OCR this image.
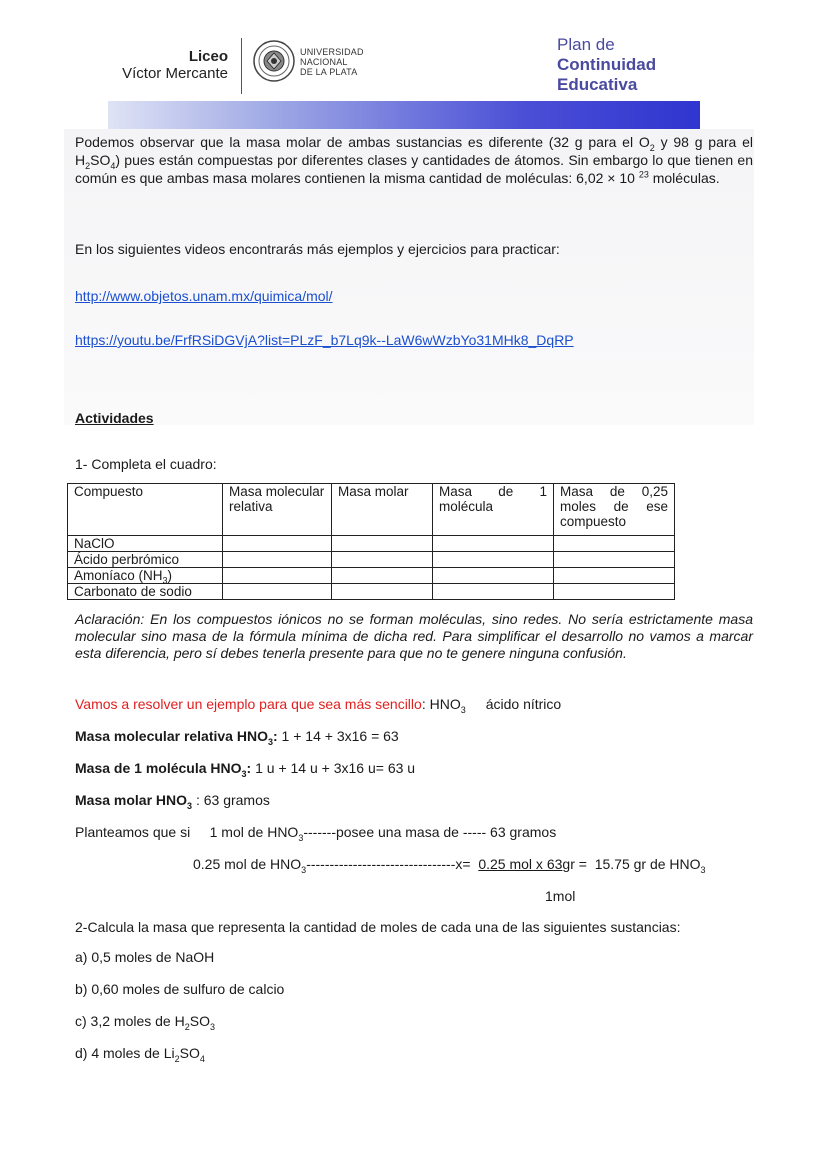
Liceo
Víctor Mercante
UNIVERSIDAD
NACIONAL
DE LA PLATA
Plan de
Continuidad
Educativa
Podemos observar que la masa molar de ambas sustancias es diferente (32 g para el $O_2$ y 98 g para el $H_2SO_4$) pues están compuestas por diferentes clases y cantidades de átomos. Sin embargo lo que tienen en común es que ambas masa molares contienen la misma cantidad de moléculas: 6,02 × 10 $^{23}$ moléculas.
En los siguientes videos encontrarás más ejemplos y ejercicios para practicar:
http://www.objetos.unam.mx/quimica/mol/
https://youtu.be/FrfRSiDGVjA?list=PLzF_b7Lq9k--LaW6wWzbYo31MHk8_DqRP
Actividades
1- Completa el cuadro:
Compuesto	Masa molecular relativa	Masa molar	Masa de 1 molécula	Masa de 0,25 moles de ese compuesto
NaClO				
Ácido perbrómico				
Amoníaco $(NH_3)$				
Carbonato de sodio				
Aclaración: En los compuestos iónicos no se forman moléculas, sino redes. No sería estrictamente masa molecular sino masa de la fórmula mínima de dicha red. Para simplificar el desarrollo no vamos a marcar esta diferencia, pero sí debes tenerla presente para que no te genere ninguna confusión.
Vamos a resolver un ejemplo para que sea más sencillo: $HNO_3$ ácido nítrico
Masa molecular relativa $HNO_3$: 1 + 14 + 3x16 = 63
Masa de 1 molécula $HNO_3$: 1 u + 14 u + 3x16 u= 63 u
Masa molar $HNO_3$ : 63 gramos
Planteamos que si     1 mol de $HNO_3------$-posee una masa de ----- 63 gramos
0.25 mol de $HNO_3--------------------------------x= 0.25$ mol x 63gr =  15.75 gr de $HNO_3$
1mol
2-Calcula la masa que representa la cantidad de moles de cada una de las siguientes sustancias:
a) 0,5 moles de NaOH
b) 0,60 moles de sulfuro de calcio
c) 3,2 moles de $H_2SO_3$
d) 4 moles de $Li_2SO_4$
